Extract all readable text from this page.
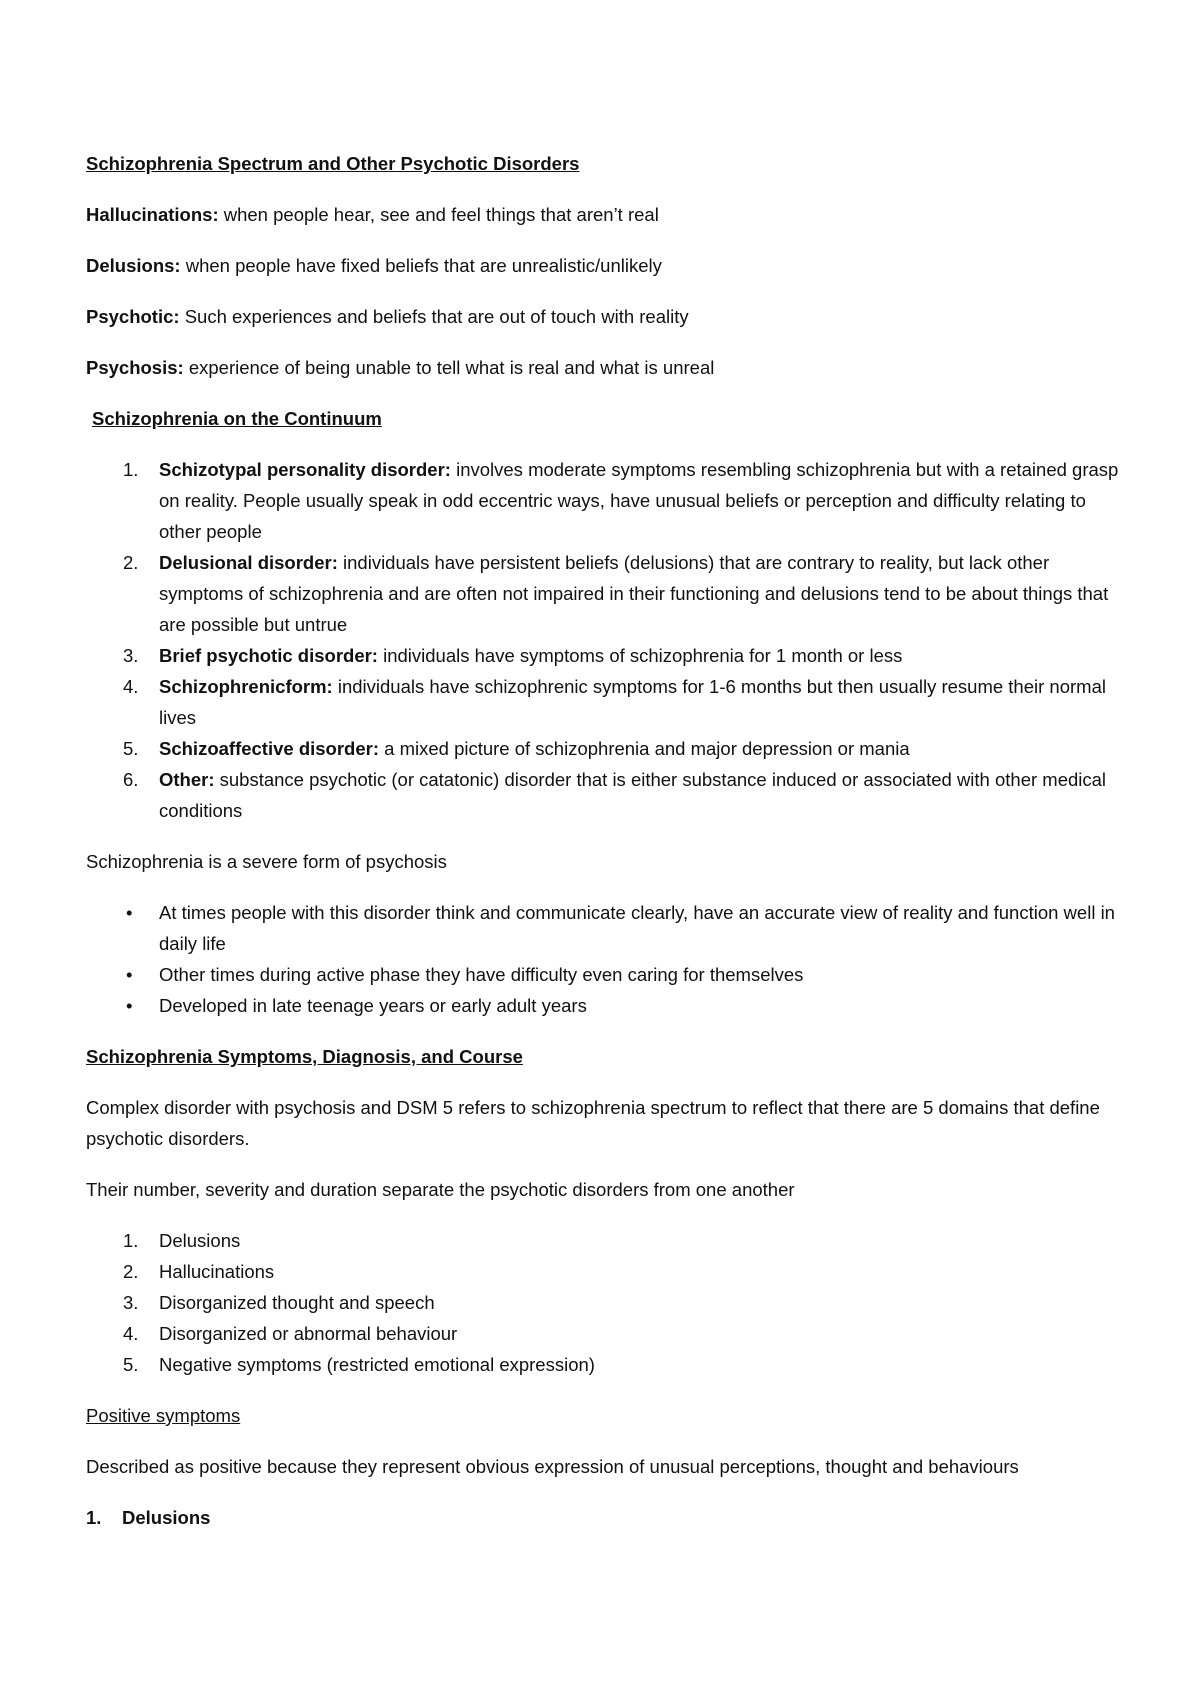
Schizophrenia Spectrum and Other Psychotic Disorders

Hallucinations: when people hear, see and feel things that aren’t real

Delusions: when people have fixed beliefs that are unrealistic/unlikely

Psychotic: Such experiences and beliefs that are out of touch with reality

Psychosis: experience of being unable to tell what is real and what is unreal

Schizophrenia on the Continuum
1. Schizotypal personality disorder: involves moderate symptoms resembling schizophrenia but with a retained grasp on reality. People usually speak in odd eccentric ways, have unusual beliefs or perception and difficulty relating to other people
2. Delusional disorder: individuals have persistent beliefs (delusions) that are contrary to reality, but lack other symptoms of schizophrenia and are often not impaired in their functioning and delusions tend to be about things that are possible but untrue
3. Brief psychotic disorder: individuals have symptoms of schizophrenia for 1 month or less
4. Schizophrenicform: individuals have schizophrenic symptoms for 1-6 months but then usually resume their normal lives
5. Schizoaffective disorder: a mixed picture of schizophrenia and major depression or mania
6. Other: substance psychotic (or catatonic) disorder that is either substance induced or associated with other medical conditions

Schizophrenia is a severe form of psychosis

• At times people with this disorder think and communicate clearly, have an accurate view of reality and function well in daily life
• Other times during active phase they have difficulty even caring for themselves
• Developed in late teenage years or early adult years
Schizophrenia Symptoms, Diagnosis, and Course

Complex disorder with psychosis and DSM 5 refers to schizophrenia spectrum to reflect that there are 5 domains that define psychotic disorders.

Their number, severity and duration separate the psychotic disorders from one another

1. Delusions
2. Hallucinations
3. Disorganized thought and speech
4. Disorganized or abnormal behaviour
5. Negative symptoms (restricted emotional expression)
Positive symptoms

Described as positive because they represent obvious expression of unusual perceptions, thought and behaviours

1. Delusions
